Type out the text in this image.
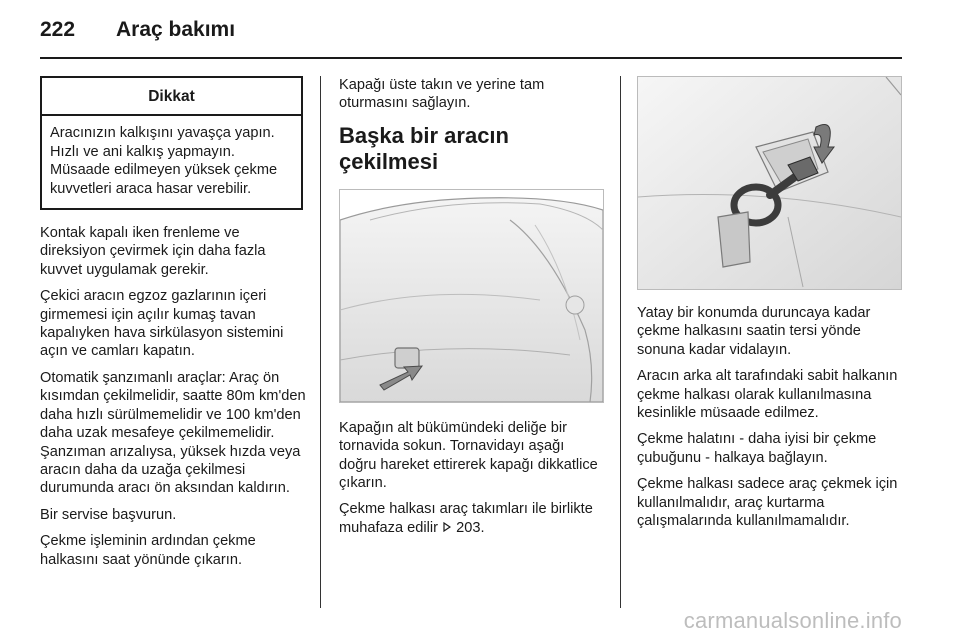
222	Araç bakımı
Dikkat
Aracınızın kalkışını yavaşça yapın. Hızlı ve ani kalkış yapmayın. Müsaade edilmeyen yüksek çekme kuvvetleri araca hasar verebilir.

Kontak kapalı iken frenleme ve direksiyon çevirmek için daha fazla kuvvet uygulamak gerekir.

Çekici aracın egzoz gazlarının içeri girmemesi için açılır kumaş tavan kapalıyken hava sirkülasyon sistemini açın ve camları kapatın.

Otomatik şanzımanlı araçlar: Araç ön kısımdan çekilmelidir, saatte 80m km'den daha hızlı sürülmemelidir ve 100 km'den daha uzak mesafeye çekilmemelidir. Şanzıman arızalıysa, yüksek hızda veya aracın daha da uzağa çekilmesi durumunda aracı ön aksından kaldırın.

Bir servise başvurun.

Çekme işleminin ardından çekme halkasını saat yönünde çıkarın.

Kapağı üste takın ve yerine tam oturmasını sağlayın.

Başka bir aracın çekilmesi

Kapağın alt bükümündeki deliğe bir tornavida sokun. Tornavidayı aşağı doğru hareket ettirerek kapağı dikkatlice çıkarın.

Çekme halkası araç takımları ile birlikte muhafaza edilir 203.

Yatay bir konumda duruncaya kadar çekme halkasını saatin tersi yönde sonuna kadar vidalayın.

Aracın arka alt tarafındaki sabit halkanın çekme halkası olarak kullanılmasına kesinlikle müsaade edilmez.

Çekme halatını - daha iyisi bir çekme çubuğunu - halkaya bağlayın.

Çekme halkası sadece araç çekmek için kullanılmalıdır, araç kurtarma çalışmalarında kullanılmamalıdır.

carmanualsonline.info
